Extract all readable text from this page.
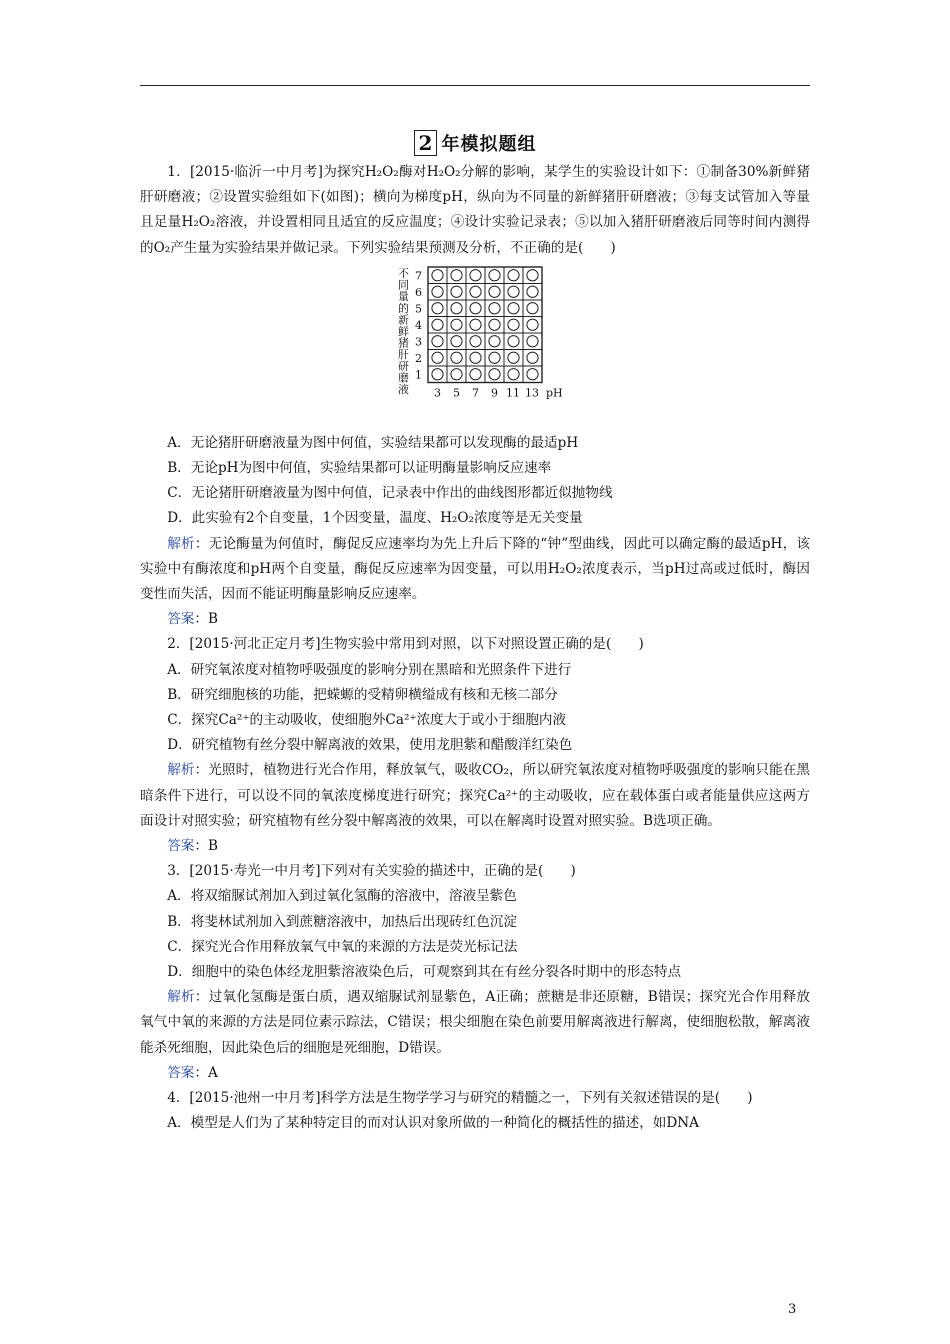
2 年模拟题组

1．[2015·临沂一中月考]为探究H₂O₂酶对H₂O₂分解的影响，某学生的实验设计如下：①制备30%新鲜猪肝研磨液；②设置实验组如下(如图)；横向为梯度pH，纵向为不同量的新鲜猪肝研磨液；③每支试管加入等量且足量H₂O₂溶液，并设置相同且适宜的反应温度；④设计实验记录表；⑤以加入猪肝研磨液后同等时间内测得的O₂产生量为实验结果并做记录。下列实验结果预测及分析，不正确的是(　　)

不
同
量
的
新
鲜
猪
肝
研
磨
液
7
6
5
4
3
2
1
3 5 7 9 11 13 pH

A．无论猪肝研磨液量为图中何值，实验结果都可以发现酶的最适pH

B．无论pH为图中何值，实验结果都可以证明酶量影响反应速率

C．无论猪肝研磨液量为图中何值，记录表中作出的曲线图形都近似抛物线

D．此实验有2个自变量，1个因变量，温度、H₂O₂浓度等是无关变量

解析：无论酶量为何值时，酶促反应速率均为先上升后下降的“钟”型曲线，因此可以确定酶的最适pH，该实验中有酶浓度和pH两个自变量，酶促反应速率为因变量，可以用H₂O₂浓度表示，当pH过高或过低时，酶因变性而失活，因而不能证明酶量影响反应速率。

答案：B

2．[2015·河北正定月考]生物实验中常用到对照，以下对照设置正确的是(　　)

A．研究氧浓度对植物呼吸强度的影响分别在黑暗和光照条件下进行

B．研究细胞核的功能，把蝾螈的受精卵横缢成有核和无核二部分

C．探究Ca²⁺的主动吸收，使细胞外Ca²⁺浓度大于或小于细胞内液

D．研究植物有丝分裂中解离液的效果，使用龙胆紫和醋酸洋红染色

解析：光照时，植物进行光合作用，释放氧气，吸收CO₂，所以研究氧浓度对植物呼吸强度的影响只能在黑暗条件下进行，可以设不同的氧浓度梯度进行研究；探究Ca²⁺的主动吸收，应在载体蛋白或者能量供应这两方面设计对照实验；研究植物有丝分裂中解离液的效果，可以在解离时设置对照实验。B选项正确。

答案：B

3．[2015·寿光一中月考]下列对有关实验的描述中，正确的是(　　)

A．将双缩脲试剂加入到过氧化氢酶的溶液中，溶液呈紫色

B．将斐林试剂加入到蔗糖溶液中，加热后出现砖红色沉淀

C．探究光合作用释放氧气中氧的来源的方法是荧光标记法

D．细胞中的染色体经龙胆紫溶液染色后，可观察到其在有丝分裂各时期中的形态特点

解析：过氧化氢酶是蛋白质，遇双缩脲试剂显紫色，A正确；蔗糖是非还原糖，B错误；探究光合作用释放氧气中氧的来源的方法是同位素示踪法，C错误；根尖细胞在染色前要用解离液进行解离，使细胞松散，解离液能杀死细胞，因此染色后的细胞是死细胞，D错误。

答案：A

4．[2015·池州一中月考]科学方法是生物学学习与研究的精髓之一，下列有关叙述错误的是(　　)

A．模型是人们为了某种特定目的而对认识对象所做的一种简化的概括性的描述，如DNA

3
